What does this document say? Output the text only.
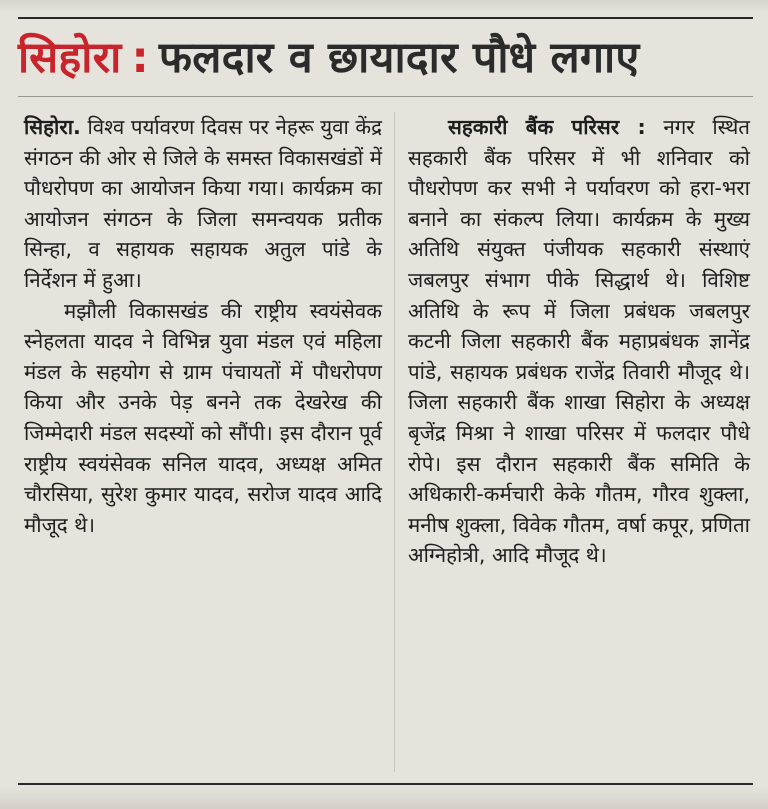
सिहोरा : फलदार व छायादार पौधे लगाए

सिहोरा. विश्व पर्यावरण दिवस पर नेहरू युवा केंद्र संगठन की ओर से जिले के समस्त विकासखंडों में पौधरोपण का आयोजन किया गया। कार्यक्रम का आयोजन संगठन के जिला समन्वयक प्रतीक सिन्हा, व सहायक सहायक अतुल पांडे के निर्देशन में हुआ।

मझौली विकासखंड की राष्ट्रीय स्वयंसेवक स्नेहलता यादव ने विभिन्न युवा मंडल एवं महिला मंडल के सहयोग से ग्राम पंचायतों में पौधरोपण किया और उनके पेड़ बनने तक देखरेख की जिम्मेदारी मंडल सदस्यों को सौंपी। इस दौरान पूर्व राष्ट्रीय स्वयंसेवक सनिल यादव, अध्यक्ष अमित चौरसिया, सुरेश कुमार यादव, सरोज यादव आदि मौजूद थे।

सहकारी बैंक परिसर : नगर स्थित सहकारी बैंक परिसर में भी शनिवार को पौधरोपण कर सभी ने पर्यावरण को हरा-भरा बनाने का संकल्प लिया। कार्यक्रम के मुख्य अतिथि संयुक्त पंजीयक सहकारी संस्थाएं जबलपुर संभाग पीके सिद्धार्थ थे। विशिष्ट अतिथि के रूप में जिला प्रबंधक जबलपुर कटनी जिला सहकारी बैंक महाप्रबंधक ज्ञानेंद्र पांडे, सहायक प्रबंधक राजेंद्र तिवारी मौजूद थे। जिला सहकारी बैंक शाखा सिहोरा के अध्यक्ष बृजेंद्र मिश्रा ने शाखा परिसर में फलदार पौधे रोपे। इस दौरान सहकारी बैंक समिति के अधिकारी-कर्मचारी केके गौतम, गौरव शुक्ला, मनीष शुक्ला, विवेक गौतम, वर्षा कपूर, प्रणिता अग्निहोत्री, आदि मौजूद थे।
